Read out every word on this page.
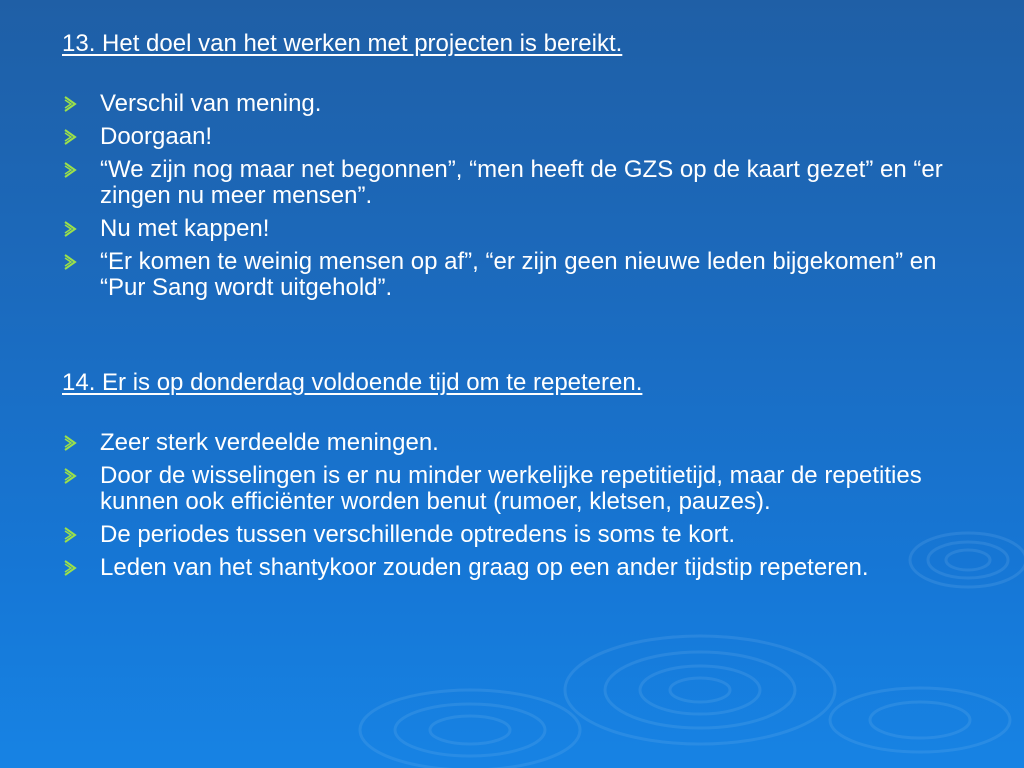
13. Het doel van het werken met projecten is bereikt.
Verschil van mening.
Doorgaan!
“We zijn nog maar net begonnen”, “men heeft de GZS op de kaart gezet” en “er zingen nu meer mensen”.
Nu met kappen!
“Er komen te weinig mensen op af”, “er zijn geen nieuwe leden bijgekomen” en “Pur Sang wordt uitgehold”.
14. Er is op donderdag voldoende tijd om te repeteren.
Zeer sterk verdeelde meningen.
Door de wisselingen is er nu minder werkelijke repetitietijd, maar de repetities kunnen ook efficiënter worden benut (rumoer, kletsen, pauzes).
De periodes tussen verschillende optredens is soms te kort.
Leden van het shantykoor zouden graag op een ander tijdstip repeteren.
